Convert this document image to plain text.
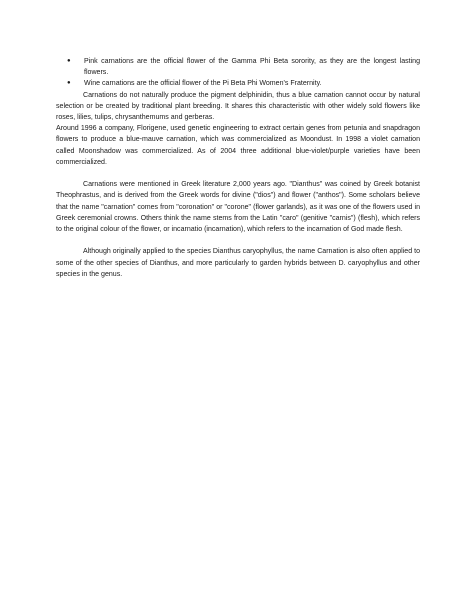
● Pink carnations are the official flower of the Gamma Phi Beta sorority, as they are the longest lasting flowers.
● Wine carnations are the official flower of the Pi Beta Phi Women's Fraternity.

Carnations do not naturally produce the pigment delphinidin, thus a blue carnation cannot occur by natural selection or be created by traditional plant breeding. It shares this characteristic with other widely sold flowers like roses, lilies, tulips, chrysanthemums and gerberas.

Around 1996 a company, Florigene, used genetic engineering to extract certain genes from petunia and snapdragon flowers to produce a blue-mauve carnation, which was commercialized as Moondust. In 1998 a violet carnation called Moonshadow was commercialized. As of 2004 three additional blue-violet/purple varieties have been commercialized.

Carnations were mentioned in Greek literature 2,000 years ago. "Dianthus" was coined by Greek botanist Theophrastus, and is derived from the Greek words for divine ("dios") and flower ("anthos"). Some scholars believe that the name "carnation" comes from "coronation" or "corone" (flower garlands), as it was one of the flowers used in Greek ceremonial crowns. Others think the name stems from the Latin "caro" (genitive "carnis") (flesh), which refers to the original colour of the flower, or incarnatio (incarnation), which refers to the incarnation of God made flesh.

Although originally applied to the species Dianthus caryophyllus, the name Carnation is also often applied to some of the other species of Dianthus, and more particularly to garden hybrids between D. caryophyllus and other species in the genus.
